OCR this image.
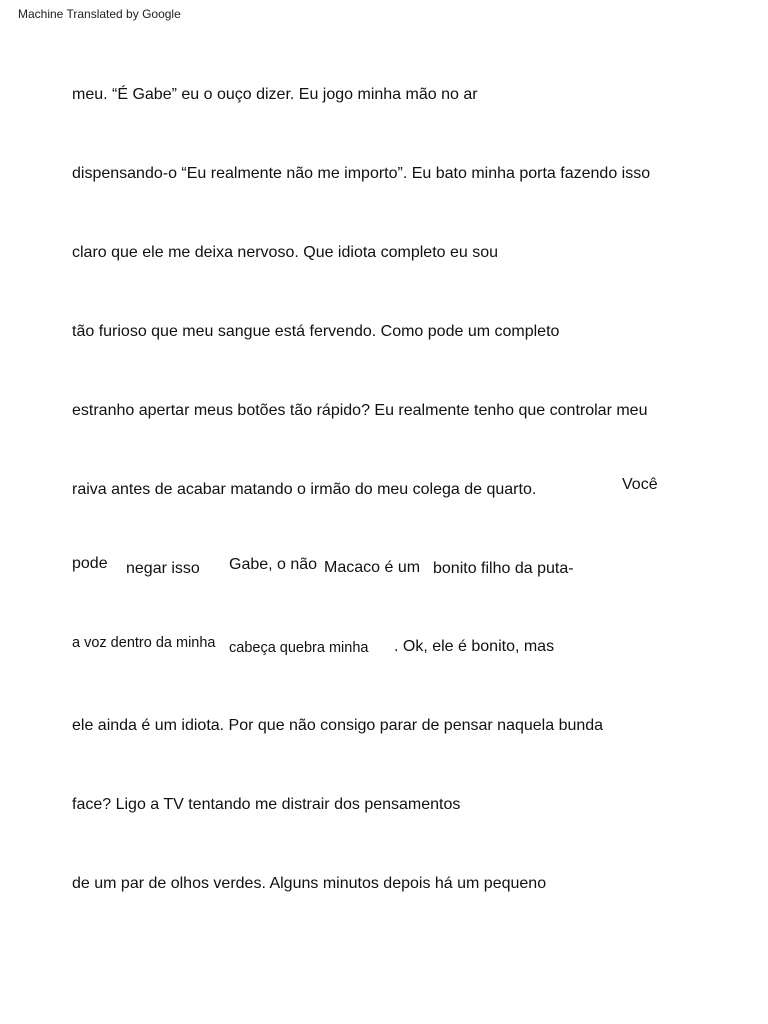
Machine Translated by Google
meu. “É Gabe” eu o ouço dizer. Eu jogo minha mão no ar
dispensando-o “Eu realmente não me importo”. Eu bato minha porta fazendo isso
claro que ele me deixa nervoso. Que idiota completo eu sou
tão furioso que meu sangue está fervendo. Como pode um completo
estranho apertar meus botões tão rápido? Eu realmente tenho que controlar meu
raiva antes de acabar matando o irmão do meu colega de quarto.	Você
pode negar isso Gabe, o não Macaco é um bonito filho da puta-
a voz dentro da minha cabeça quebra minha . Ok, ele é bonito, mas
ele ainda é um idiota. Por que não consigo parar de pensar naquela bunda
face? Ligo a TV tentando me distrair dos pensamentos
de um par de olhos verdes. Alguns minutos depois há um pequeno
